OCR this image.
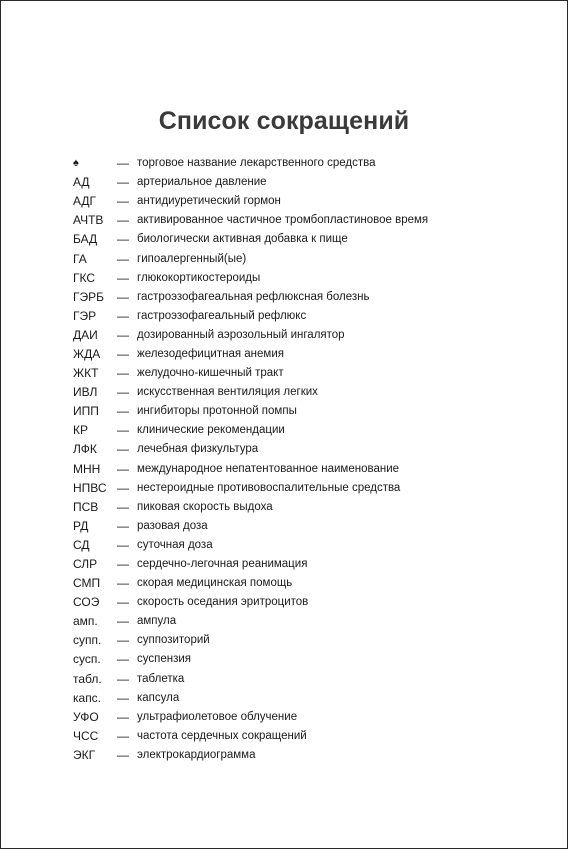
Список сокращений
♠	— торговое название лекарственного средства
АД	— артериальное давление
АДГ	— антидиуретический гормон
АЧТВ	— активированное частичное тромбопластиновое время
БАД	— биологически активная добавка к пище
ГА	— гипоалергенный(ые)
ГКС	— глюкокортикостероиды
ГЭРБ	— гастроэзофагеальная рефлюксная болезнь
ГЭР	— гастроэзофагеальный рефлюкс
ДАИ	— дозированный аэрозольный ингалятор
ЖДА	— железодефицитная анемия
ЖКТ	— желудочно-кишечный тракт
ИВЛ	— искусственная вентиляция легких
ИПП	— ингибиторы протонной помпы
КР	— клинические рекомендации
ЛФК	— лечебная физкультура
МНН	— международное непатентованное наименование
НПВС — нестероидные противовоспалительные средства
ПСВ	— пиковая скорость выдоха
РД	— разовая доза
СД	— суточная доза
СЛР	— сердечно-легочная реанимация
СМП	— скорая медицинская помощь
СОЭ	— скорость оседания эритроцитов
амп.	— ампула
супп.	— суппозиторий
сусп.	— суспензия
табл.	— таблетка
капс.	— капсула
УФО	— ультрафиолетовое облучение
ЧСС	— частота сердечных сокращений
ЭКГ	— электрокардиограмма
